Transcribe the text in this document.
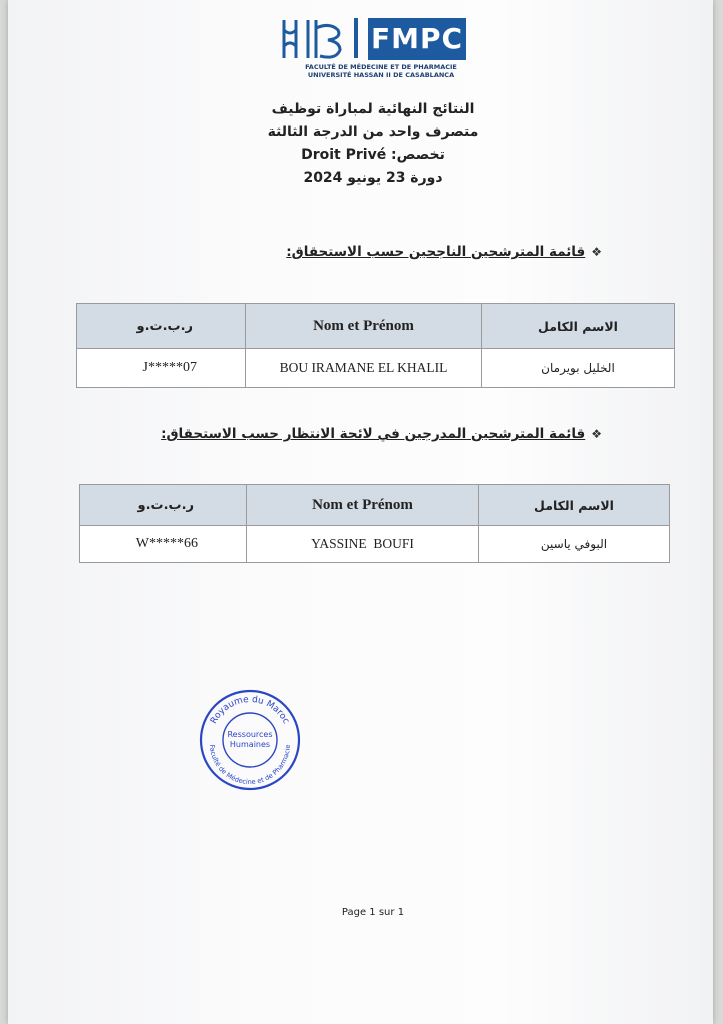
FMPC
FACULTÉ DE MÉDECINE ET DE PHARMACIE
UNIVERSITÉ HASSAN II DE CASABLANCA
النتائج النهائية لمباراة توظيف
متصرف واحد من الدرجة الثالثة
تخصص: Droit Privé
دورة 23 يونيو 2024
❖قائمة المترشحين الناجحين حسب الاستحقاق:
ر.ب.ت.و	Nom et Prénom	الاسم الكامل
J*****07	BOU IRAMANE EL KHALIL	الخليل بويرمان
❖قائمة المترشحين المدرجين في لائحة الانتظار حسب الاستحقاق:
ر.ب.ت.و	Nom et Prénom	الاسم الكامل
W*****66	YASSINE  BOUFI	البوفي ياسين
Royaume du Maroc
Faculté de Médecine et de Pharmacie
Ressources
Humaines
Page 1 sur 1
